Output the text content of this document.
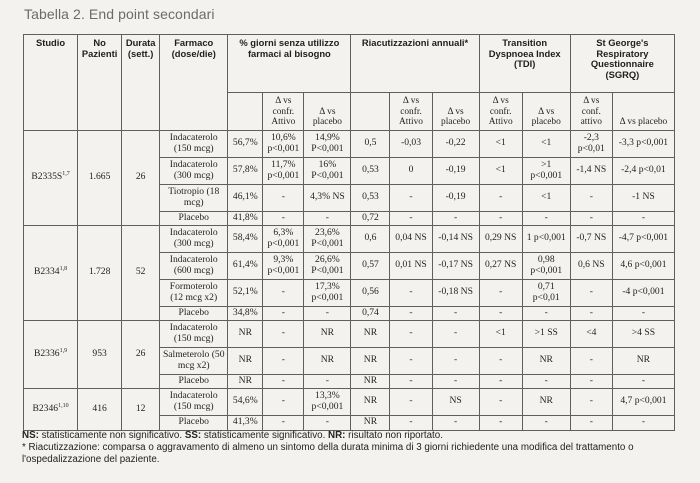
Tabella 2. End point secondari
Studio	No Pazienti	Durata (sett.)	Farmaco (dose/die)	% giorni senza utilizzo farmaci al bisogno			Riacutizzazioni annuali*			Transition Dyspnoea Index (TDI)		St George's Respiratory Questionnaire (SGRQ)	
					Δ vs confr. Attivo	Δ vs placebo		Δ vs confr. Attivo	Δ vs placebo	Δ vs confr. Attivo	Δ vs placebo	Δ vs conf. attivo	Δ vs placebo
$B2335S^{1,7}$	1.665	26	Indacaterolo (150 mcg)	56,7%	10,6% p<0,001	14,9% P<0,001	0,5	-0,03	-0,22	<1	<1	-2,3 p<0,01	-3,3 p<0,001
			Indacaterolo (300 mcg)	57,8%	11,7% p<0,001	16% P<0,001	0,53	0	-0,19	<1	>1 p<0,001	-1,4 NS	-2,4 p<0,01
			Tiotropio (18 mcg)	46,1%	-	4,3% NS	0,53	-	-0,19	-	<1	-	-1 NS
			Placebo	41,8%	-	-	0,72	-	-	-	-	-	-
B2334$^{1,8}$	1.728	52	Indacaterolo (300 mcg)	58,4%	6,3% p<0,001	23,6% P<0,001	0,6	0,04 NS	-0,14 NS	0,29 NS	1 p<0,001	-0,7 NS	-4,7 p<0,001
			Indacaterolo (600 mcg)	61,4%	9,3% p<0,001	26,6% P<0,001	0,57	0,01 NS	-0,17 NS	0,27 NS	0,98 p<0,001	0,6 NS	4,6 p<0,001
			Formoterolo (12 mcg x2)	52,1%	-	17,3% p<0,001	0,56	-	-0,18 NS	-	0,71 p<0,01	-	-4 p<0,001
			Placebo	34,8%	-	-	0,74	-	-	-	-	-	-
B2336$^{1,9}$	953	26	Indacaterolo (150 mcg)	NR	-	NR	NR	-	-	<1	>1 SS	<4	>4 SS
			Salmeterolo (50 mcg x2)	NR	-	NR	NR	-	-	-	NR	-	NR
			Placebo	NR	-	-	NR	-	-	-	-	-	-
B2346$^{1,10}$	416	12	Indacaterolo (150 mcg)	54,6%	-	13,3% p<0,001	NR	-	NS	-	NR	-	4,7 p<0,001
			Placebo	41,3%	-	-	NR	-	-	-	-	-	-
NS: statisticamente non significativo. SS: statisticamente significativo. NR: risultato non riportato.
* Riacutizzazione: comparsa o aggravamento di almeno un sintomo della durata minima di 3 giorni richiedente una modifica del trattamento o l'ospedalizzazione del paziente.
